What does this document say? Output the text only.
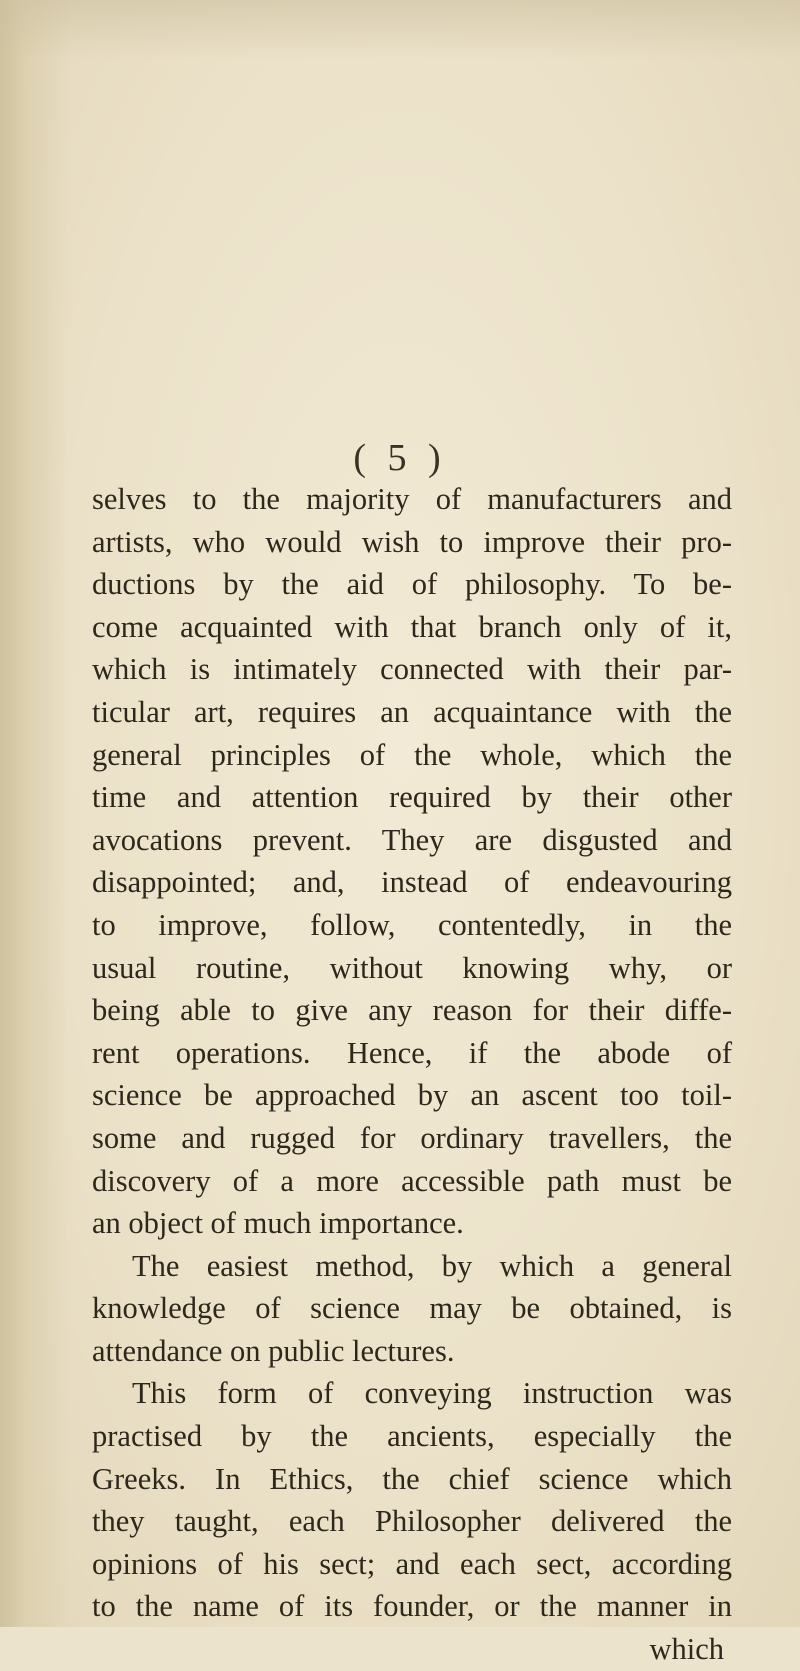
( 5 )
selves to the majority of manufacturers and
artists, who would wish to improve their pro-
ductions by the aid of philosophy. To be-
come acquainted with that branch only of it,
which is intimately connected with their par-
ticular art, requires an acquaintance with the
general principles of the whole, which the
time and attention required by their other
avocations prevent. They are disgusted and
disappointed; and, instead of endeavouring
to improve, follow, contentedly, in the
usual routine, without knowing why, or
being able to give any reason for their diffe-
rent operations. Hence, if the abode of
science be approached by an ascent too toil-
some and rugged for ordinary travellers, the
discovery of a more accessible path must be
an object of much importance.
The easiest method, by which a general
knowledge of science may be obtained, is
attendance on public lectures.
This form of conveying instruction was
practised by the ancients, especially the
Greeks. In Ethics, the chief science which
they taught, each Philosopher delivered the
opinions of his sect; and each sect, according
to the name of its founder, or the manner in
which
